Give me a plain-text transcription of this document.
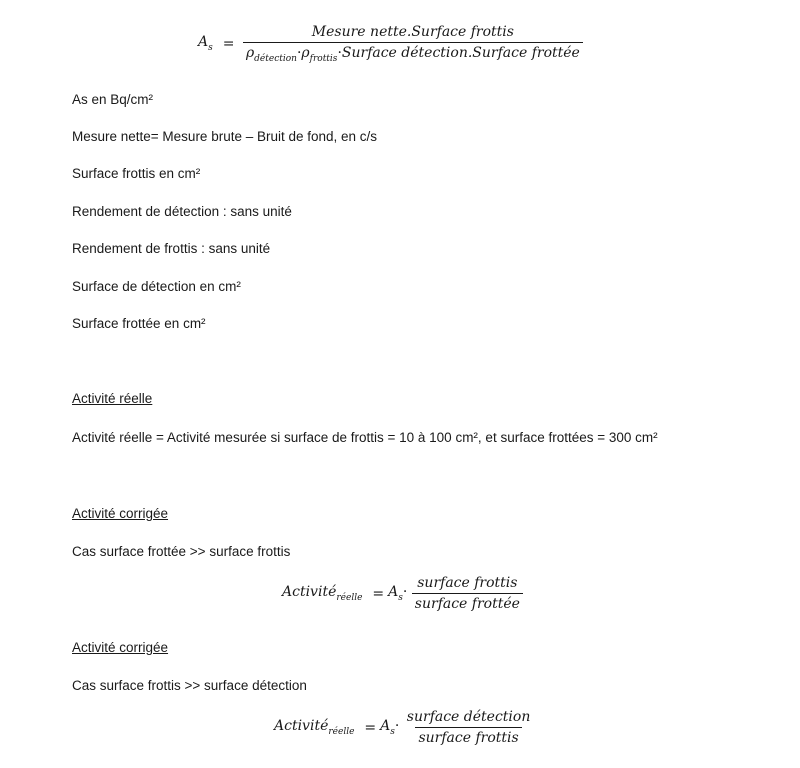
$A_s = \frac{\text{Mesure nette.Surface frottis}}{\rho_{détection}\cdot\rho_{frottis}\cdot Surface détection.Surface frottée}$
As en Bq/cm²
Mesure nette= Mesure brute – Bruit de fond, en c/s
Surface frottis en cm²
Rendement de détection : sans unité
Rendement de frottis : sans unité
Surface de détection en cm²
Surface frottée en cm²
Activité réelle
Activité réelle = Activité mesurée si surface de frottis = 10 à 100 cm², et surface frottées = 300 cm²
Activité corrigée
Cas surface frottée >> surface frottis
Activité$_{réelle}$ = $A_s\cdot \frac{\text{surface frottis}}{\text{surface frottée}}$
Activité corrigée
Cas surface frottis >> surface détection
Activité$_{réelle}$ = $A_s\cdot \frac{\text{surface détection}}{\text{surface frottis}}$
